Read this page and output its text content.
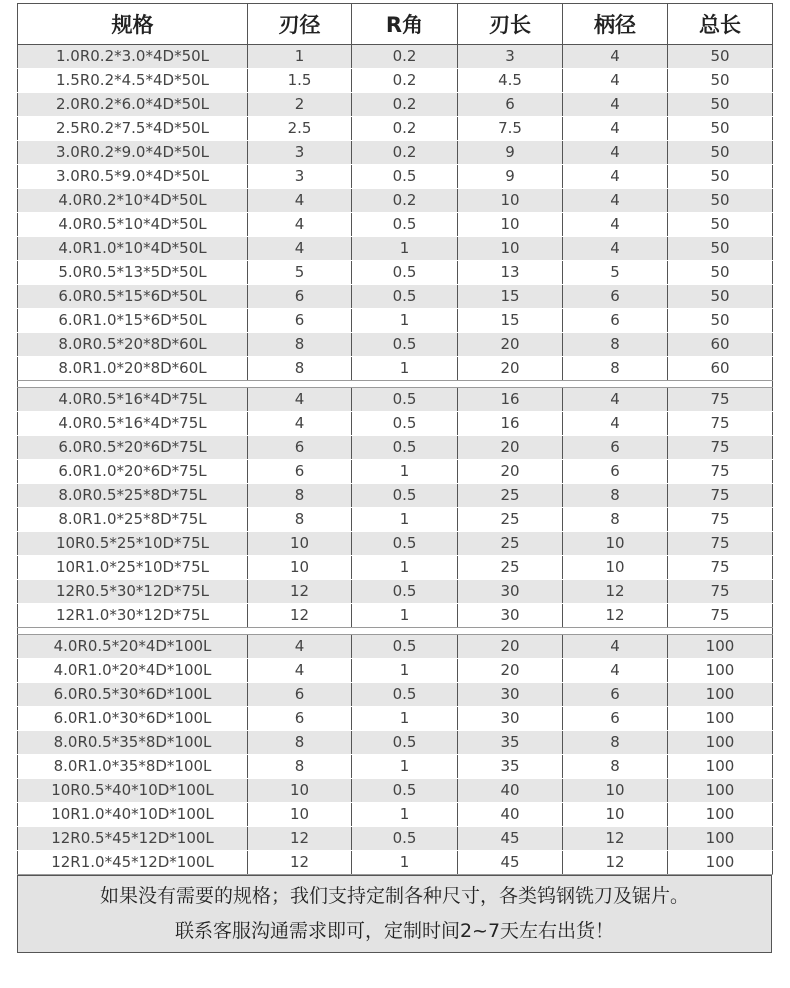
规格	刃径	R角	刃长	柄径	总长
1.0R0.2*3.0*4D*50L	1	0.2	3	4	50
1.5R0.2*4.5*4D*50L	1.5	0.2	4.5	4	50
2.0R0.2*6.0*4D*50L	2	0.2	6	4	50
2.5R0.2*7.5*4D*50L	2.5	0.2	7.5	4	50
3.0R0.2*9.0*4D*50L	3	0.2	9	4	50
3.0R0.5*9.0*4D*50L	3	0.5	9	4	50
4.0R0.2*10*4D*50L	4	0.2	10	4	50
4.0R0.5*10*4D*50L	4	0.5	10	4	50
4.0R1.0*10*4D*50L	4	1	10	4	50
5.0R0.5*13*5D*50L	5	0.5	13	5	50
6.0R0.5*15*6D*50L	6	0.5	15	6	50
6.0R1.0*15*6D*50L	6	1	15	6	50
8.0R0.5*20*8D*60L	8	0.5	20	8	60
8.0R1.0*20*8D*60L	8	1	20	8	60

4.0R0.5*16*4D*75L	4	0.5	16	4	75
4.0R0.5*16*4D*75L	4	0.5	16	4	75
6.0R0.5*20*6D*75L	6	0.5	20	6	75
6.0R1.0*20*6D*75L	6	1	20	6	75
8.0R0.5*25*8D*75L	8	0.5	25	8	75
8.0R1.0*25*8D*75L	8	1	25	8	75
10R0.5*25*10D*75L	10	0.5	25	10	75
10R1.0*25*10D*75L	10	1	25	10	75
12R0.5*30*12D*75L	12	0.5	30	12	75
12R1.0*30*12D*75L	12	1	30	12	75

4.0R0.5*20*4D*100L	4	0.5	20	4	100
4.0R1.0*20*4D*100L	4	1	20	4	100
6.0R0.5*30*6D*100L	6	0.5	30	6	100
6.0R1.0*30*6D*100L	6	1	30	6	100
8.0R0.5*35*8D*100L	8	0.5	35	8	100
8.0R1.0*35*8D*100L	8	1	35	8	100
10R0.5*40*10D*100L	10	0.5	40	10	100
10R1.0*40*10D*100L	10	1	40	10	100
12R0.5*45*12D*100L	12	0.5	45	12	100
12R1.0*45*12D*100L	12	1	45	12	100
如果没有需要的规格；我们支持定制各种尺寸，各类钨钢铣刀及锯片。
联系客服沟通需求即可，定制时间2~7天左右出货！
